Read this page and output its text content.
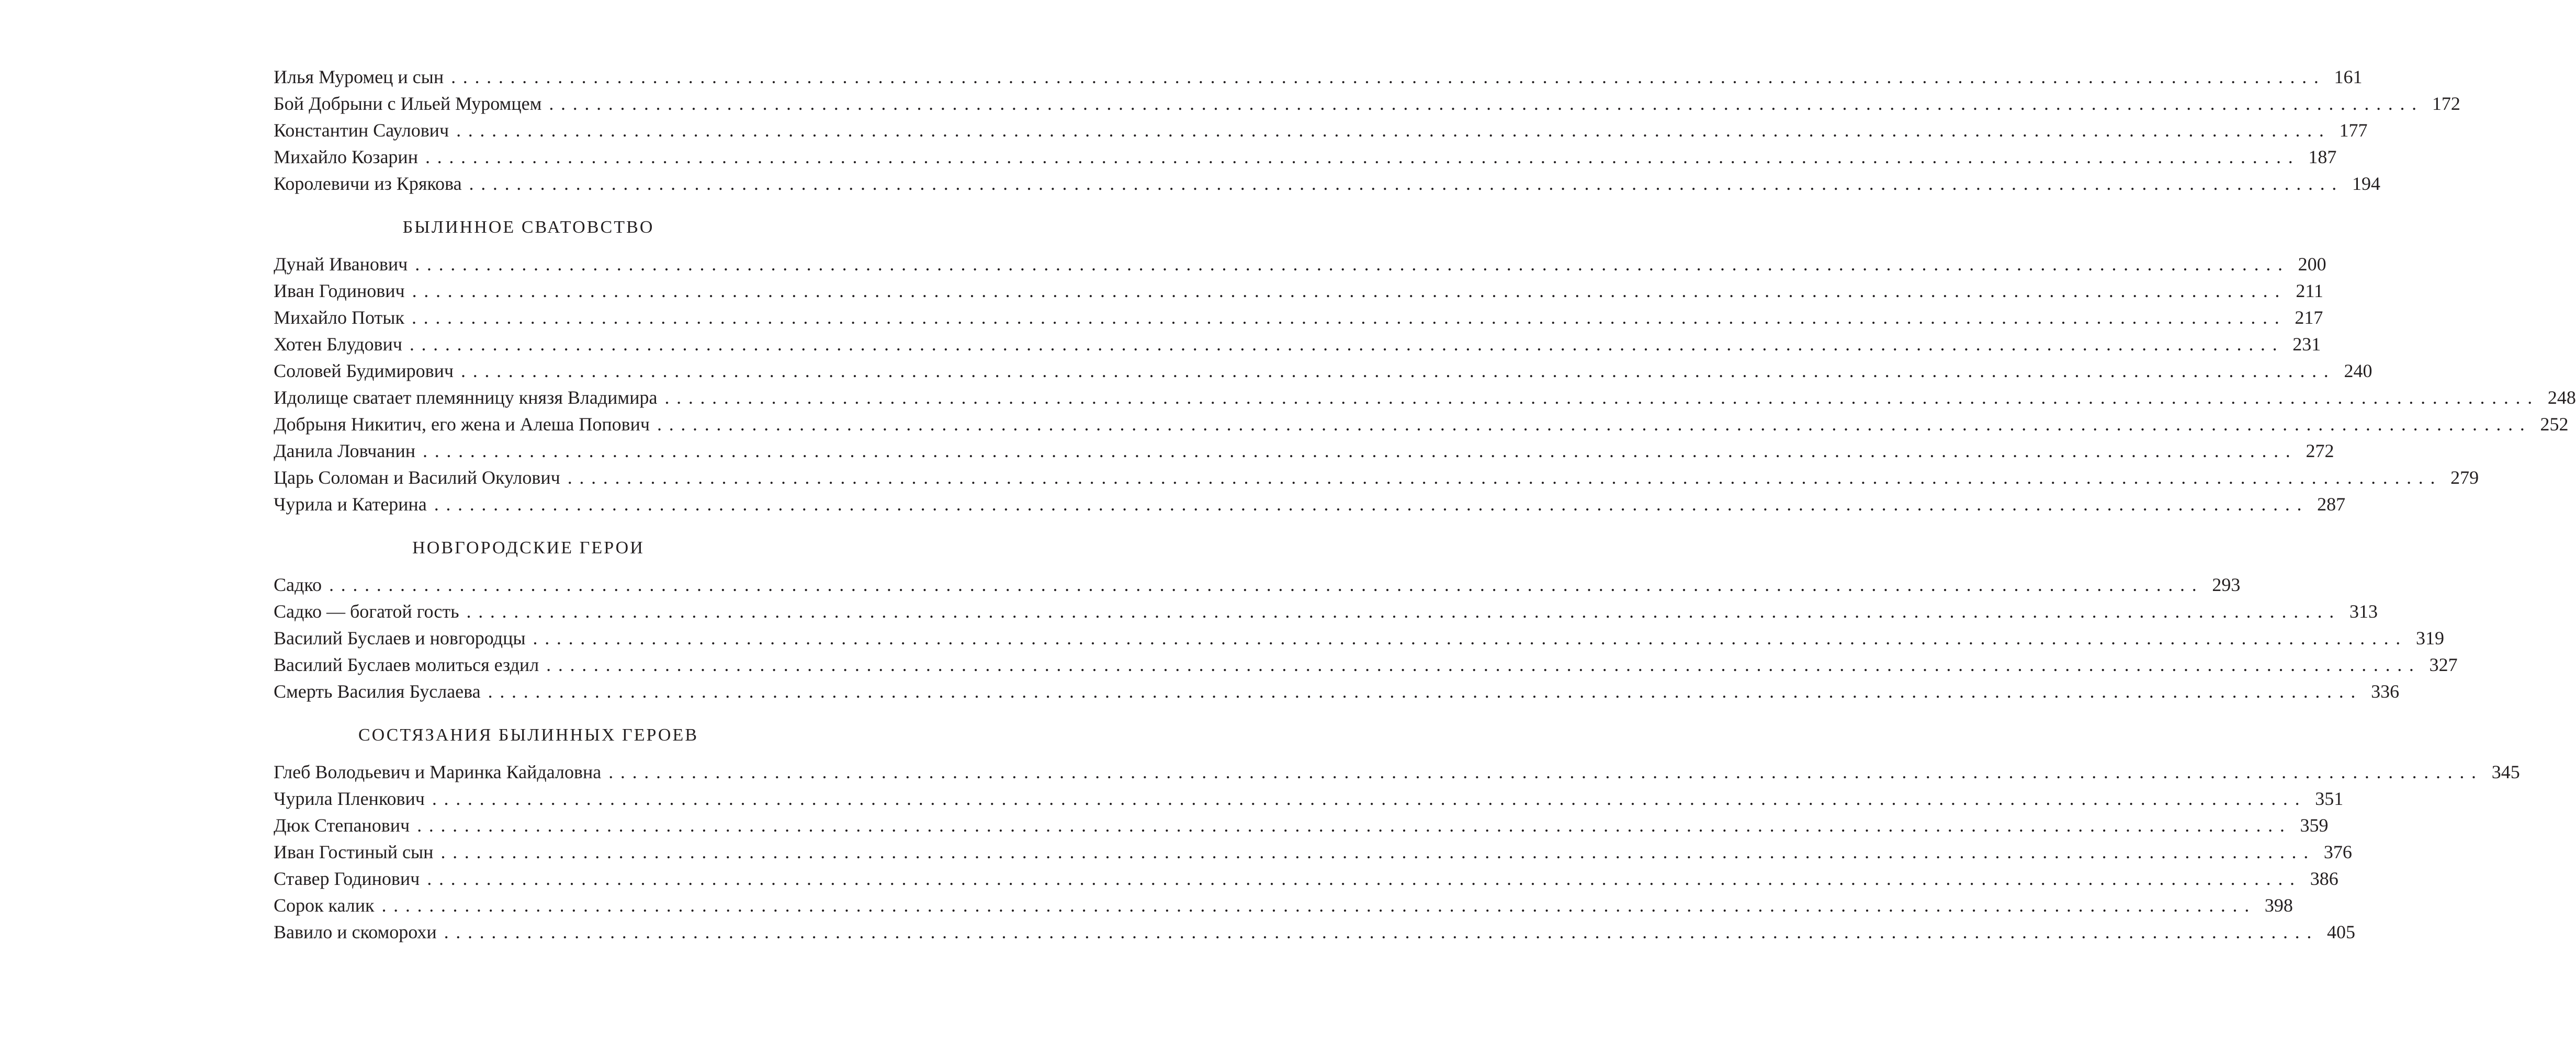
Илья Муромец и сын .............................................................................................................................................................. 161
Бой Добрыни с Ильей Муромцем .............................................................................................................................................................. 172
Константин Саулович .............................................................................................................................................................. 177
Михайло Козарин .............................................................................................................................................................. 187
Королевичи из Крякова .............................................................................................................................................................. 194
БЫЛИННОЕ СВАТОВСТВО
Дунай Иванович .............................................................................................................................................................. 200
Иван Годинович .............................................................................................................................................................. 211
Михайло Потык .............................................................................................................................................................. 217
Хотен Блудович .............................................................................................................................................................. 231
Соловей Будимирович .............................................................................................................................................................. 240
Идолище сватает племянницу князя Владимира .............................................................................................................................................................. 248
Добрыня Никитич, его жена и Алеша Попович .............................................................................................................................................................. 252
Данила Ловчанин .............................................................................................................................................................. 272
Царь Соломан и Василий Окулович .............................................................................................................................................................. 279
Чурила и Катерина .............................................................................................................................................................. 287
НОВГОРОДСКИЕ ГЕРОИ
Садко .............................................................................................................................................................. 293
Садко — богатой гость .............................................................................................................................................................. 313
Василий Буслаев и новгородцы .............................................................................................................................................................. 319
Василий Буслаев молиться ездил .............................................................................................................................................................. 327
Смерть Василия Буслаева .............................................................................................................................................................. 336
СОСТЯЗАНИЯ БЫЛИННЫХ ГЕРОЕВ
Глеб Володьевич и Маринка Кайдаловна .............................................................................................................................................................. 345
Чурила Пленкович .............................................................................................................................................................. 351
Дюк Степанович .............................................................................................................................................................. 359
Иван Гостиный сын .............................................................................................................................................................. 376
Ставер Годинович .............................................................................................................................................................. 386
Сорок калик .............................................................................................................................................................. 398
Вавило и скоморохи .............................................................................................................................................................. 405
